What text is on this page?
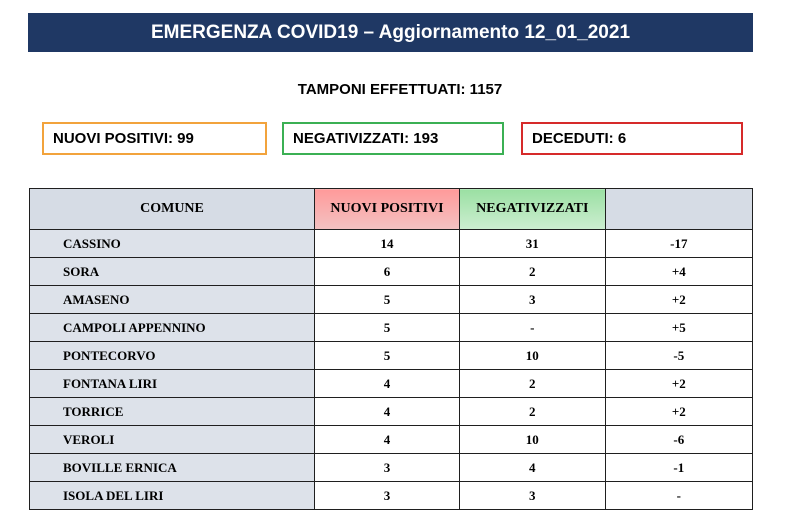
EMERGENZA COVID19 – Aggiornamento 12_01_2021
TAMPONI EFFETTUATI: 1157
NUOVI POSITIVI: 99	NEGATIVIZZATI: 193	DECEDUTI: 6
COMUNE	NUOVI POSITIVI	NEGATIVIZZATI	
CASSINO	14	31	-17
SORA	6	2	+4
AMASENO	5	3	+2
CAMPOLI APPENNINO	5	-	+5
PONTECORVO	5	10	-5
FONTANA LIRI	4	2	+2
TORRICE	4	2	+2
VEROLI	4	10	-6
BOVILLE ERNICA	3	4	-1
ISOLA DEL LIRI	3	3	-
